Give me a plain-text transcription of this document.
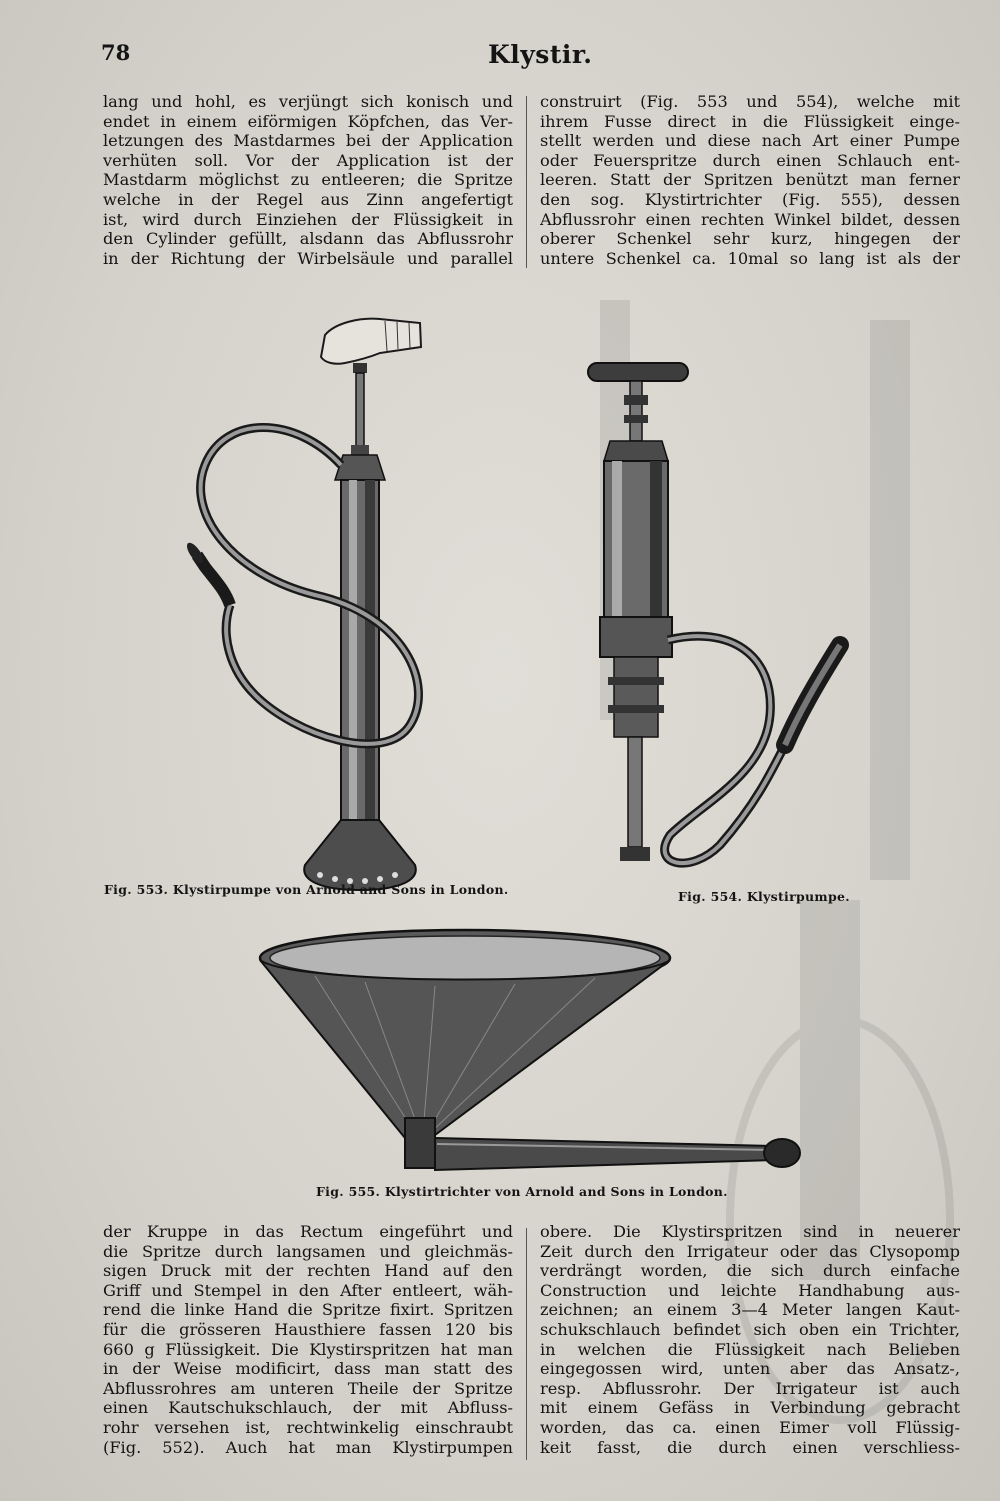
78	Klystir.
lang und hohl, es verjüngt sich konisch und
endet in einem eiförmigen Köpfchen, das Ver-
letzungen des Mastdarmes bei der Application
verhüten soll. Vor der Application ist der
Mastdarm möglichst zu entleeren; die Spritze
welche in der Regel aus Zinn angefertigt
ist, wird durch Einziehen der Flüssigkeit in
den Cylinder gefüllt, alsdann das Abflussrohr
in der Richtung der Wirbelsäule und parallel
construirt (Fig. 553 und 554), welche mit
ihrem Fusse direct in die Flüssigkeit einge-
stellt werden und diese nach Art einer Pumpe
oder Feuerspritze durch einen Schlauch ent-
leeren. Statt der Spritzen benützt man ferner
den sog. Klystirtrichter (Fig. 555), dessen
Abflussrohr einen rechten Winkel bildet, dessen
oberer Schenkel sehr kurz, hingegen der
untere Schenkel ca. 10mal so lang ist als der
Fig. 553. Klystirpumpe von Arnold and Sons in London.	Fig. 554. Klystirpumpe.
Fig. 555. Klystirtrichter von Arnold and Sons in London.
der Kruppe in das Rectum eingeführt und
die Spritze durch langsamen und gleichmäs-
sigen Druck mit der rechten Hand auf den
Griff und Stempel in den After entleert, wäh-
rend die linke Hand die Spritze fixirt. Spritzen
für die grösseren Hausthiere fassen 120 bis
660 g Flüssigkeit. Die Klystirspritzen hat man
in der Weise modificirt, dass man statt des
Abflussrohres am unteren Theile der Spritze
einen Kautschukschlauch, der mit Abfluss-
rohr versehen ist, rechtwinkelig einschraubt
(Fig. 552). Auch hat man Klystirpumpen
obere. Die Klystirspritzen sind in neuerer
Zeit durch den Irrigateur oder das Clysopomp
verdrängt worden, die sich durch einfache
Construction und leichte Handhabung aus-
zeichnen; an einem 3—4 Meter langen Kaut-
schukschlauch befindet sich oben ein Trichter,
in welchen die Flüssigkeit nach Belieben
eingegossen wird, unten aber das Ansatz-,
resp. Abflussrohr. Der Irrigateur ist auch
mit einem Gefäss in Verbindung gebracht
worden, das ca. einen Eimer voll Flüssig-
keit fasst, die durch einen verschliess-
